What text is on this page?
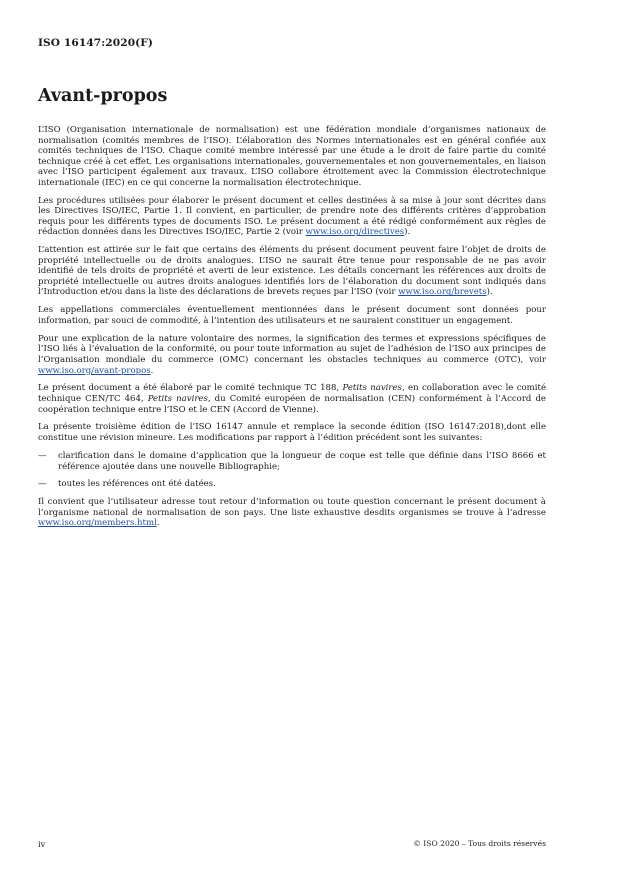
ISO 16147:2020(F)
Avant-propos

L’ISO (Organisation internationale de normalisation) est une fédération mondiale d’organismes nationaux de normalisation (comités membres de l’ISO). L’élaboration des Normes internationales est en général confiée aux comités techniques de l’ISO. Chaque comité membre intéressé par une étude a le droit de faire partie du comité technique créé à cet effet. Les organisations internationales, gouvernementales et non gouvernementales, en liaison avec l’ISO participent également aux travaux. L’ISO collabore étroitement avec la Commission électrotechnique internationale (IEC) en ce qui concerne la normalisation électrotechnique.

Les procédures utilisées pour élaborer le présent document et celles destinées à sa mise à jour sont décrites dans les Directives ISO/IEC, Partie 1. Il convient, en particulier, de prendre note des différents critères d’approbation requis pour les différents types de documents ISO. Le présent document a été rédigé conformément aux règles de rédaction données dans les Directives ISO/IEC, Partie 2 (voir www.iso.org/directives).

L’attention est attirée sur le fait que certains des éléments du présent document peuvent faire l’objet de droits de propriété intellectuelle ou de droits analogues. L’ISO ne saurait être tenue pour responsable de ne pas avoir identifié de tels droits de propriété et averti de leur existence. Les détails concernant les références aux droits de propriété intellectuelle ou autres droits analogues identifiés lors de l’élaboration du document sont indiqués dans l’Introduction et/ou dans la liste des déclarations de brevets reçues par l’ISO (voir www.iso.org/brevets).

Les appellations commerciales éventuellement mentionnées dans le présent document sont données pour information, par souci de commodité, à l’intention des utilisateurs et ne sauraient constituer un engagement.

Pour une explication de la nature volontaire des normes, la signification des termes et expressions spécifiques de l’ISO liés à l’évaluation de la conformité, ou pour toute information au sujet de l’adhésion de l’ISO aux principes de l’Organisation mondiale du commerce (OMC) concernant les obstacles techniques au commerce (OTC), voir www.iso.org/avant-propos.

Le présent document a été élaboré par le comité technique TC 188, Petits navires, en collaboration avec le comité technique CEN/TC 464, Petits navires, du Comité européen de normalisation (CEN) conformément à l’Accord de coopération technique entre l’ISO et le CEN (Accord de Vienne).

La présente troisième édition de l’ISO 16147 annule et remplace la seconde édition (ISO 16147:2018),dont elle constitue une révision mineure. Les modifications par rapport à l’édition précédent sont les suivantes:

—	clarification dans le domaine d’application que la longueur de coque est telle que définie dans l’ISO 8666 et référence ajoutée dans une nouvelle Bibliographie;
—	toutes les références ont été datées.

Il convient que l’utilisateur adresse tout retour d’information ou toute question concernant le présent document à l’organisme national de normalisation de son pays. Une liste exhaustive desdits organismes se trouve à l’adresse www.iso.org/members.html.

iv	© ISO 2020 – Tous droits réservés
